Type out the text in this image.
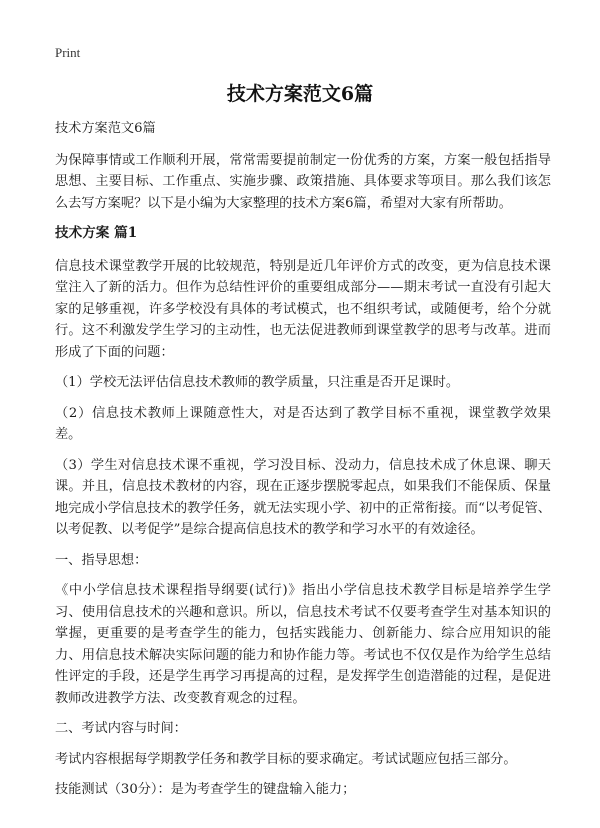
Print
技术方案范文6篇

技术方案范文6篇

为保障事情或工作顺利开展，常常需要提前制定一份优秀的方案，方案一般包括指导思想、主要目标、工作重点、实施步骤、政策措施、具体要求等项目。那么我们该怎么去写方案呢？以下是小编为大家整理的技术方案6篇，希望对大家有所帮助。

技术方案 篇1

信息技术课堂教学开展的比较规范，特别是近几年评价方式的改变，更为信息技术课堂注入了新的活力。但作为总结性评价的重要组成部分——期末考试一直没有引起大家的足够重视，许多学校没有具体的考试模式，也不组织考试，或随便考，给个分就行。这不利激发学生学习的主动性，也无法促进教师到课堂教学的思考与改革。进而形成了下面的问题：

（1）学校无法评估信息技术教师的教学质量，只注重是否开足课时。

（2）信息技术教师上课随意性大，对是否达到了教学目标不重视，课堂教学效果差。

（3）学生对信息技术课不重视，学习没目标、没动力，信息技术成了休息课、聊天课。并且，信息技术教材的内容，现在正逐步摆脱零起点，如果我们不能保质、保量地完成小学信息技术的教学任务，就无法实现小学、初中的正常衔接。而“以考促管、以考促教、以考促学”是综合提高信息技术的教学和学习水平的有效途径。

一、指导思想：

《中小学信息技术课程指导纲要(试行)》指出小学信息技术教学目标是培养学生学习、使用信息技术的兴趣和意识。所以，信息技术考试不仅要考查学生对基本知识的掌握，更重要的是考查学生的能力，包括实践能力、创新能力、综合应用知识的能力、用信息技术解决实际问题的能力和协作能力等。考试也不仅仅是作为给学生总结性评定的手段，还是学生再学习再提高的过程，是发挥学生创造潜能的过程，是促进教师改进教学方法、改变教育观念的过程。

二、考试内容与时间：

考试内容根据每学期教学任务和教学目标的要求确定。考试试题应包括三部分。

技能测试（30分）：是为考查学生的键盘输入能力；
